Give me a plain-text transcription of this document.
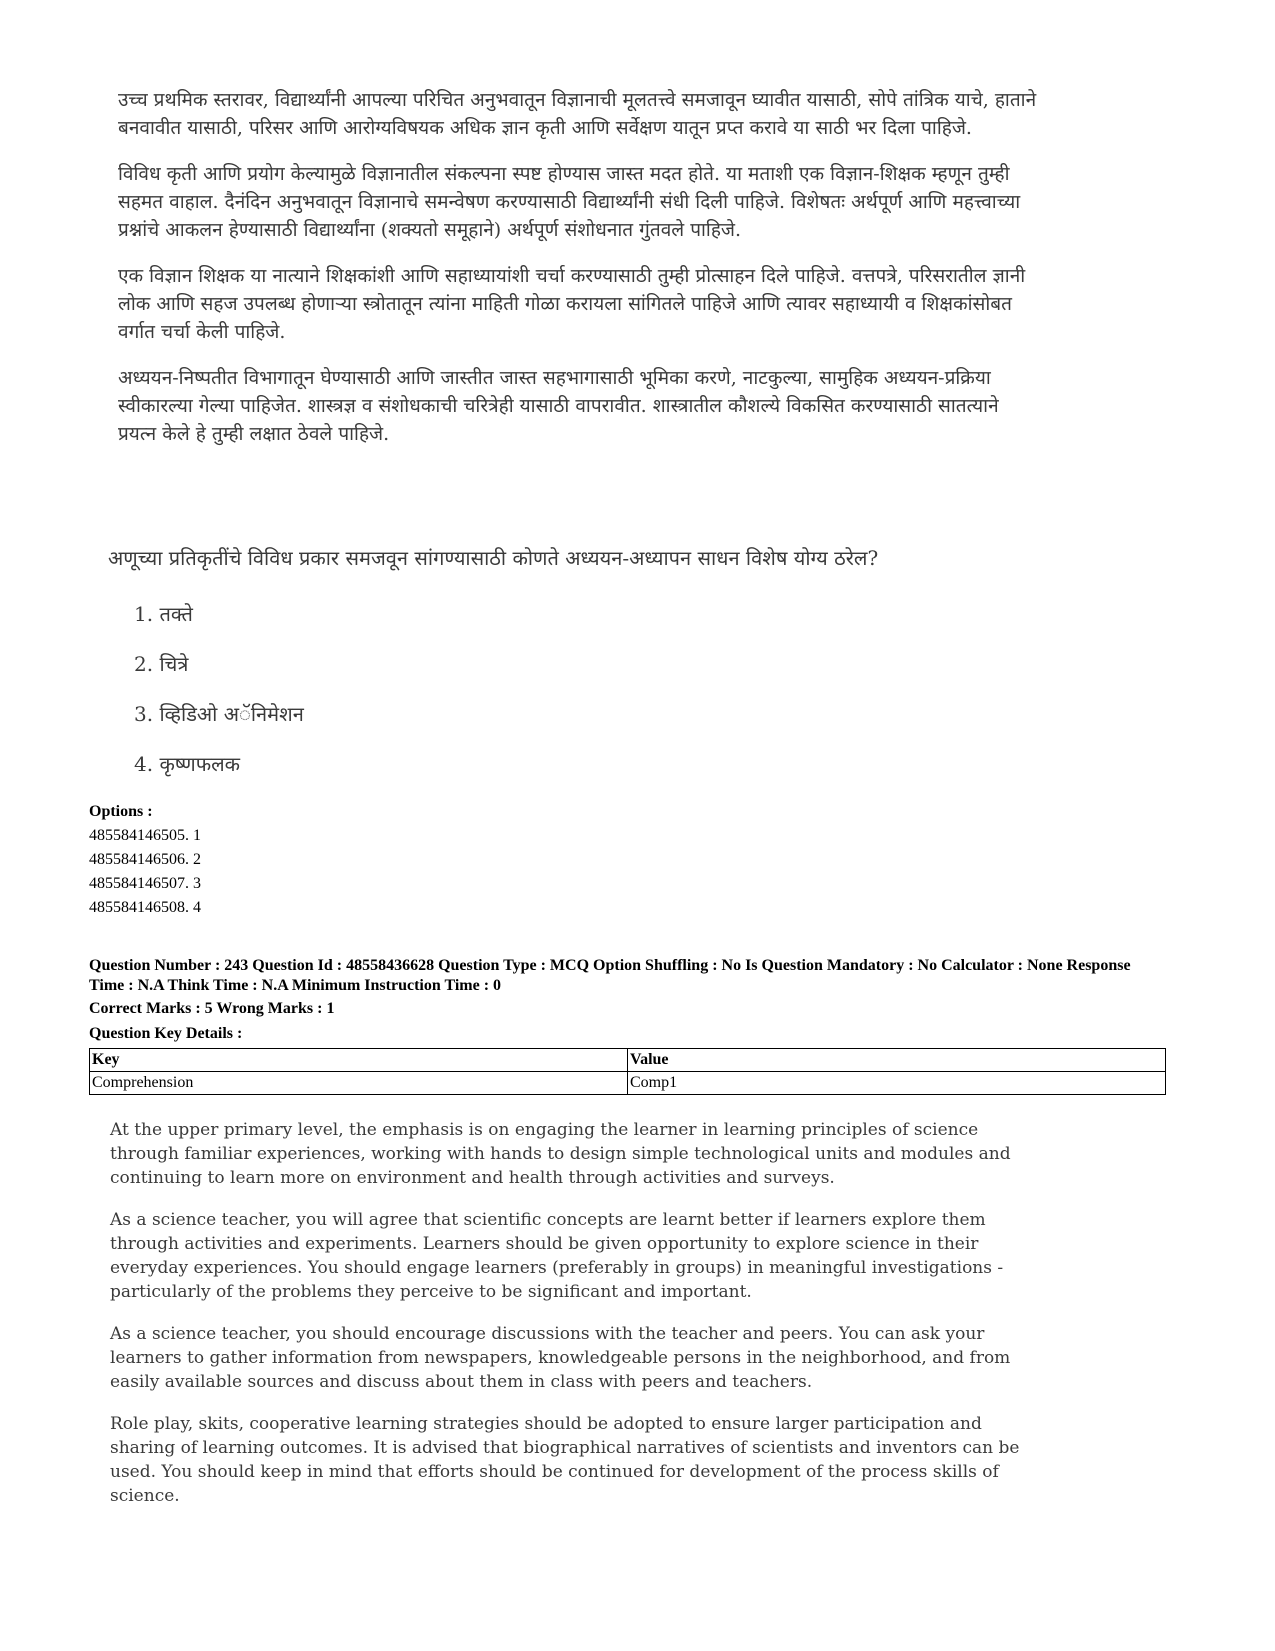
उच्च प्रथमिक स्तरावर, विद्यार्थ्यांनी आपल्या परिचित अनुभवातून विज्ञानाची मूलतत्त्वे समजावून घ्यावीत यासाठी, सोपे तांत्रिक याचे, हाताने बनवावीत यासाठी, परिसर आणि आरोग्यविषयक अधिक ज्ञान कृती आणि सर्वेक्षण यातून प्रप्त करावे या साठी भर दिला पाहिजे.

विविध कृती आणि प्रयोग केल्यामुळे विज्ञानातील संकल्पना स्पष्ट होण्यास जास्त मदत होते. या मताशी एक विज्ञान-शिक्षक म्हणून तुम्ही सहमत वाहाल. दैनंदिन अनुभवातून विज्ञानाचे समन्वेषण करण्यासाठी विद्यार्थ्यांनी संधी दिली पाहिजे. विशेषतः अर्थपूर्ण आणि महत्त्वाच्या प्रश्नांचे आकलन हेण्यासाठी विद्यार्थ्यांना (शक्यतो समूहाने) अर्थपूर्ण संशोधनात गुंतवले पाहिजे.

एक विज्ञान शिक्षक या नात्याने शिक्षकांशी आणि सहाध्यायांशी चर्चा करण्यासाठी तुम्ही प्रोत्साहन दिले पाहिजे. वत्तपत्रे, परिसरातील ज्ञानी लोक आणि सहज उपलब्ध होणाऱ्या स्त्रोतातून त्यांना माहिती गोळा करायला सांगितले पाहिजे आणि त्यावर सहाध्यायी व शिक्षकांसोबत वर्गात चर्चा केली पाहिजे.

अध्ययन-निष्पतीत विभागातून घेण्यासाठी आणि जास्तीत जास्त सहभागासाठी भूमिका करणे, नाटकुल्या, सामुहिक अध्ययन-प्रक्रिया स्वीकारल्या गेल्या पाहिजेत. शास्त्रज्ञ व संशोधकाची चरित्रेही यासाठी वापरावीत. शास्त्रातील कौशल्ये विकसित करण्यासाठी सातत्याने प्रयत्न केले हे तुम्ही लक्षात ठेवले पाहिजे.

अणूच्या प्रतिकृतींचे विविध प्रकार समजवून सांगण्यासाठी कोणते अध्ययन-अध्यापन साधन विशेष योग्य ठरेल?
1. तक्ते
2. चित्रे
3. व्हिडिओ अॅनिमेशन
4. कृष्णफलक
Options :
485584146505. 1
485584146506. 2
485584146507. 3
485584146508. 4
Question Number : 243 Question Id : 48558436628 Question Type : MCQ Option Shuffling : No Is Question Mandatory : No Calculator : None Response Time : N.A Think Time : N.A Minimum Instruction Time : 0
Correct Marks : 5 Wrong Marks : 1
Question Key Details :
Key	Value
Comprehension	Comp1

At the upper primary level, the emphasis is on engaging the learner in learning principles of science through familiar experiences, working with hands to design simple technological units and modules and continuing to learn more on environment and health through activities and surveys.

As a science teacher, you will agree that scientific concepts are learnt better if learners explore them through activities and experiments. Learners should be given opportunity to explore science in their everyday experiences. You should engage learners (preferably in groups) in meaningful investigations - particularly of the problems they perceive to be significant and important.

As a science teacher, you should encourage discussions with the teacher and peers. You can ask your learners to gather information from newspapers, knowledgeable persons in the neighborhood, and from easily available sources and discuss about them in class with peers and teachers.

Role play, skits, cooperative learning strategies should be adopted to ensure larger participation and sharing of learning outcomes. It is advised that biographical narratives of scientists and inventors can be used. You should keep in mind that efforts should be continued for development of the process skills of science.
